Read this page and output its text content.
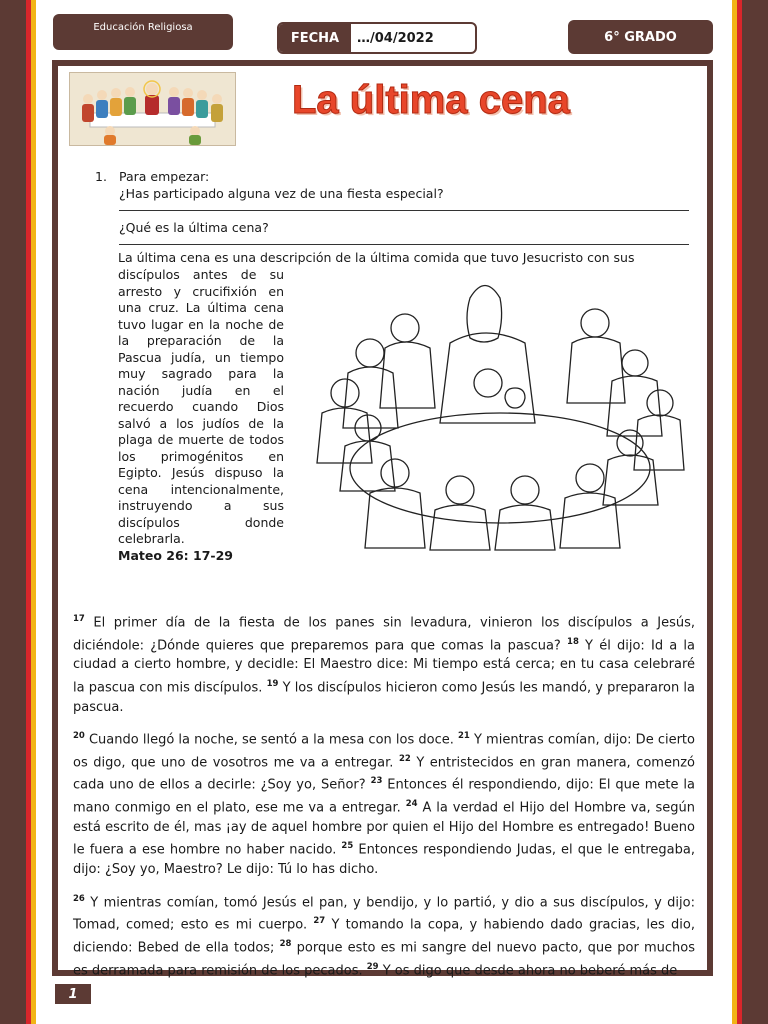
Educación Religiosa
FECHA	…/04/2022	6° GRADO
La última cena
1. Para empezar:
¿Has participado alguna vez de una fiesta especial?
¿Qué es la última cena?
La última cena es una descripción de la última comida que tuvo Jesucristo con sus
discípulos antes de su arresto y crucifixión en una cruz. La última cena tuvo lugar en la noche de la preparación de la Pascua judía, un tiempo muy sagrado para la nación judía en el recuerdo cuando Dios salvó a los judíos de la plaga de muerte de todos los primogénitos en Egipto. Jesús dispuso la cena intencionalmente, instruyendo a sus discípulos donde celebrarla.
Mateo 26: 17-29

$^{17}$ El primer día de la fiesta de los panes sin levadura, vinieron los discípulos a Jesús, diciéndole: ¿Dónde quieres que preparemos para que comas la pascua? $^{18}$ Y él dijo: Id a la ciudad a cierto hombre, y decidle: El Maestro dice: Mi tiempo está cerca; en tu casa celebraré la pascua con mis discípulos. $^{19}$ Y los discípulos hicieron como Jesús les mandó, y prepararon la pascua.

$^{20}$ Cuando llegó la noche, se sentó a la mesa con los doce. $^{21}$ Y mientras comían, dijo: De cierto os digo, que uno de vosotros me va a entregar. $^{22}$ Y entristecidos en gran manera, comenzó cada uno de ellos a decirle: ¿Soy yo, Señor? $^{23}$ Entonces él respondiendo, dijo: El que mete la mano conmigo en el plato, ese me va a entregar. $^{24}$ A la verdad el Hijo del Hombre va, según está escrito de él, mas ¡ay de aquel hombre por quien el Hijo del Hombre es entregado! Bueno le fuera a ese hombre no haber nacido. $^{25}$ Entonces respondiendo Judas, el que le entregaba, dijo: ¿Soy yo, Maestro? Le dijo: Tú lo has dicho.

$^{26}$ Y mientras comían, tomó Jesús el pan, y bendijo, y lo partió, y dio a sus discípulos, y dijo: Tomad, comed; esto es mi cuerpo. $^{27}$ Y tomando la copa, y habiendo dado gracias, les dio, diciendo: Bebed de ella todos; $^{28}$ porque esto es mi sangre del nuevo pacto, que por muchos es derramada para remisión de los pecados. $^{29}$ Y os digo que desde ahora no beberé más de

1
